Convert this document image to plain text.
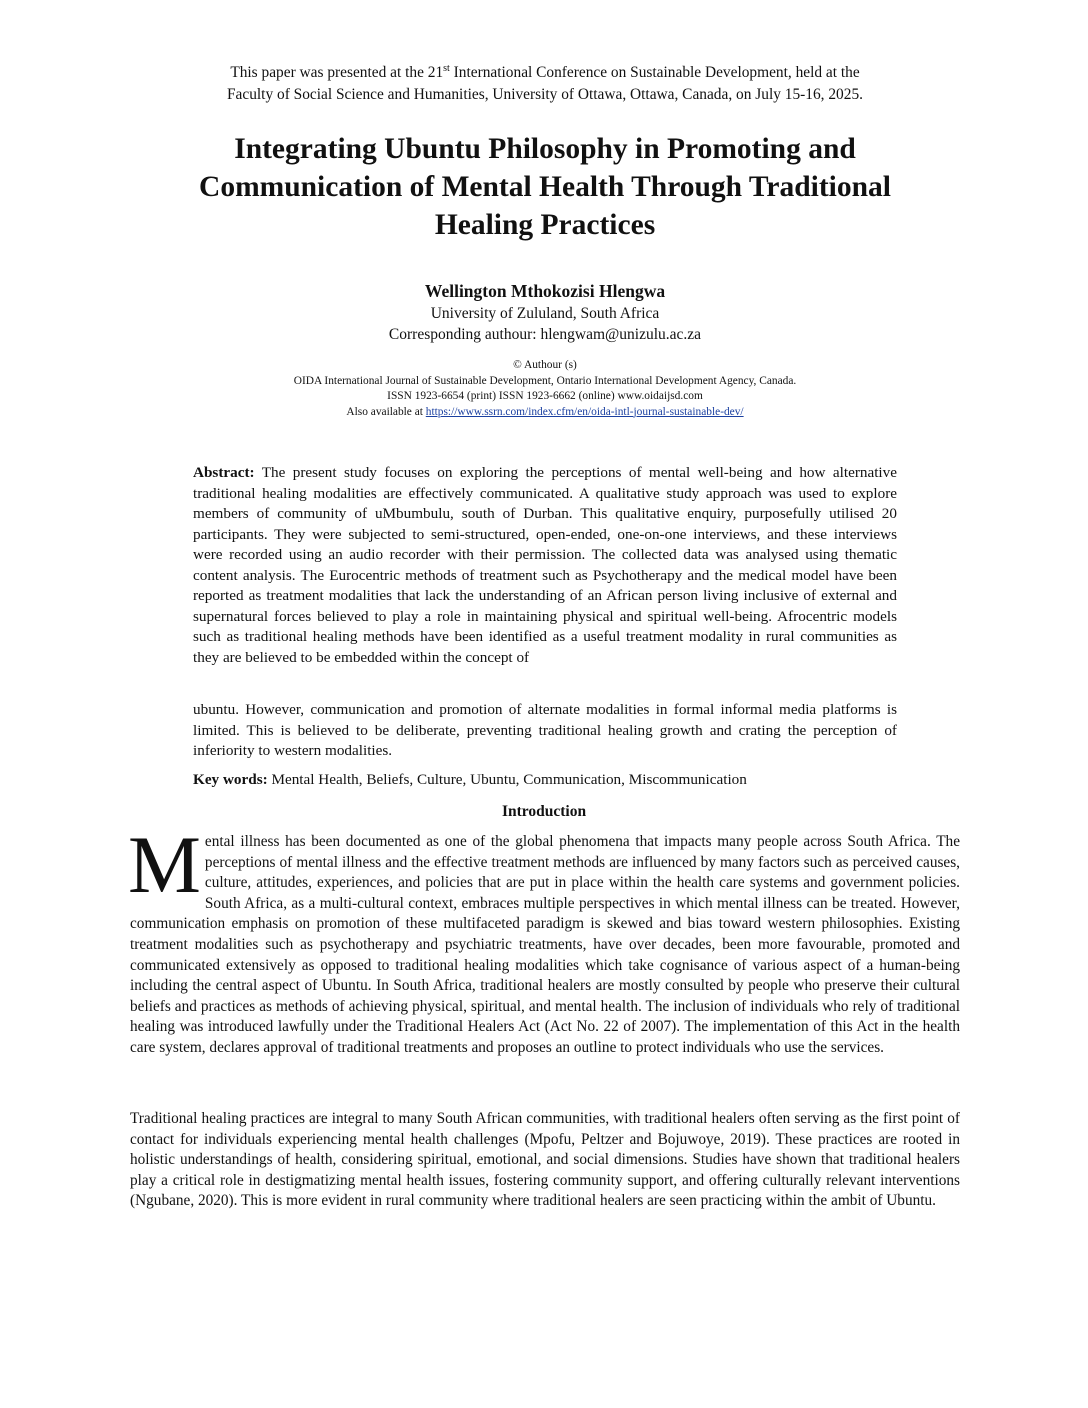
This paper was presented at the 21st International Conference on Sustainable Development, held at the
Faculty of Social Science and Humanities, University of Ottawa, Ottawa, Canada, on July 15-16, 2025.
Integrating Ubuntu Philosophy in Promoting and
Communication of Mental Health Through Traditional
Healing Practices
Wellington Mthokozisi Hlengwa
University of Zululand, South Africa
Corresponding authour: hlengwam@unizulu.ac.za
© Authour (s)
OIDA International Journal of Sustainable Development, Ontario International Development Agency, Canada.
ISSN 1923-6654 (print) ISSN 1923-6662 (online) www.oidaijsd.com
Also available at https://www.ssrn.com/index.cfm/en/oida-intl-journal-sustainable-dev/

Abstract: The present study focuses on exploring the perceptions of mental well-being and how alternative traditional healing modalities are effectively communicated. A qualitative study approach was used to explore members of community of uMbumbulu, south of Durban. This qualitative enquiry, purposefully utilised 20 participants. They were subjected to semi-structured, open-ended, one-on-one interviews, and these interviews were recorded using an audio recorder with their permission. The collected data was analysed using thematic content analysis. The Eurocentric methods of treatment such as Psychotherapy and the medical model have been reported as treatment modalities that lack the understanding of an African person living inclusive of external and supernatural forces believed to play a role in maintaining physical and spiritual well-being. Afrocentric models such as traditional healing methods have been identified as a useful treatment modality in rural communities as they are believed to be embedded within the concept of

ubuntu. However, communication and promotion of alternate modalities in formal informal media platforms is limited. This is believed to be deliberate, preventing traditional healing growth and crating the perception of inferiority to western modalities.

Key words: Mental Health, Beliefs, Culture, Ubuntu, Communication, Miscommunication

Introduction

Mental illness has been documented as one of the global phenomena that impacts many people across South Africa. The perceptions of mental illness and the effective treatment methods are influenced by many factors such as perceived causes, culture, attitudes, experiences, and policies that are put in place within the health care systems and government policies. South Africa, as a multi-cultural context, embraces multiple perspectives in which mental illness can be treated. However, communication emphasis on promotion of these multifaceted paradigm is skewed and bias toward western philosophies. Existing treatment modalities such as psychotherapy and psychiatric treatments, have over decades, been more favourable, promoted and communicated extensively as opposed to traditional healing modalities which take cognisance of various aspect of a human-being including the central aspect of Ubuntu. In South Africa, traditional healers are mostly consulted by people who preserve their cultural beliefs and practices as methods of achieving physical, spiritual, and mental health. The inclusion of individuals who rely of traditional healing was introduced lawfully under the Traditional Healers Act (Act No. 22 of 2007). The implementation of this Act in the health care system, declares approval of traditional treatments and proposes an outline to protect individuals who use the services.

Traditional healing practices are integral to many South African communities, with traditional healers often serving as the first point of contact for individuals experiencing mental health challenges (Mpofu, Peltzer and Bojuwoye, 2019). These practices are rooted in holistic understandings of health, considering spiritual, emotional, and social dimensions. Studies have shown that traditional healers play a critical role in destigmatizing mental health issues, fostering community support, and offering culturally relevant interventions (Ngubane, 2020). This is more evident in rural community where traditional healers are seen practicing within the ambit of Ubuntu.
